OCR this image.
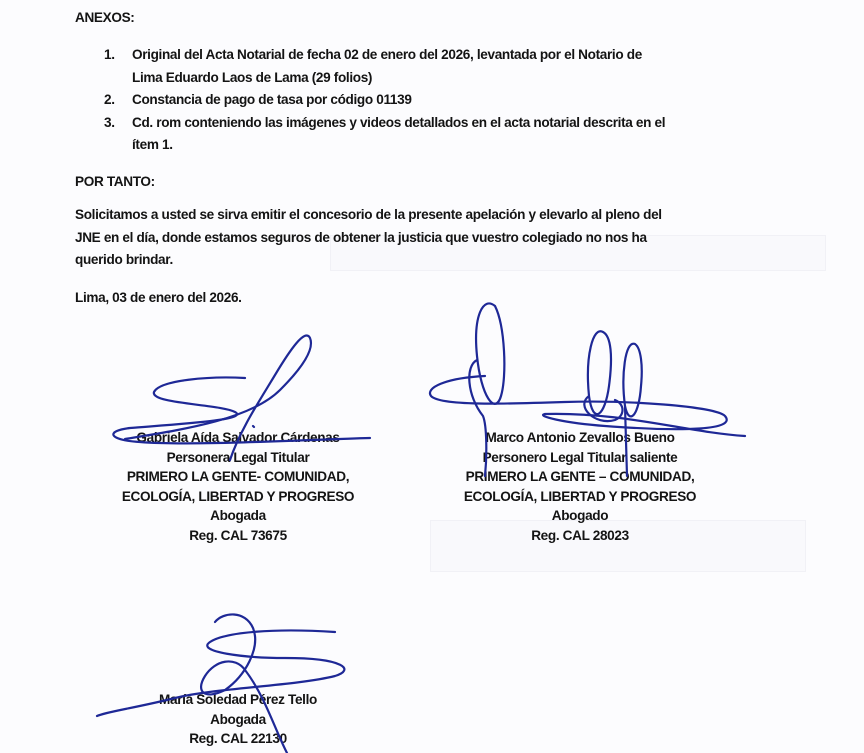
ANEXOS:
1. Original del Acta Notarial de fecha 02 de enero del 2026, levantada por el Notario de
Lima Eduardo Laos de Lama (29 folios)
2. Constancia de pago de tasa por código 01139
3. Cd. rom conteniendo las imágenes y videos detallados en el acta notarial descrita en el
ítem 1.
POR TANTO:
Solicitamos a usted se sirva emitir el concesorio de la presente apelación y elevarlo al pleno del
JNE en el día, donde estamos seguros de obtener la justicia que vuestro colegiado no nos ha
querido brindar.
Lima, 03 de enero del 2026.
Gabriela Aída Salvador Cárdenas
Personera Legal Titular
PRIMERO LA GENTE- COMUNIDAD,
ECOLOGÍA, LIBERTAD Y PROGRESO
Abogada
Reg. CAL 73675
Marco Antonio Zevallos Bueno
Personero Legal Titular saliente
PRIMERO LA GENTE – COMUNIDAD,
ECOLOGÍA, LIBERTAD Y PROGRESO
Abogado
Reg. CAL 28023
María Soledad Pérez Tello
Abogada
Reg. CAL 22130
